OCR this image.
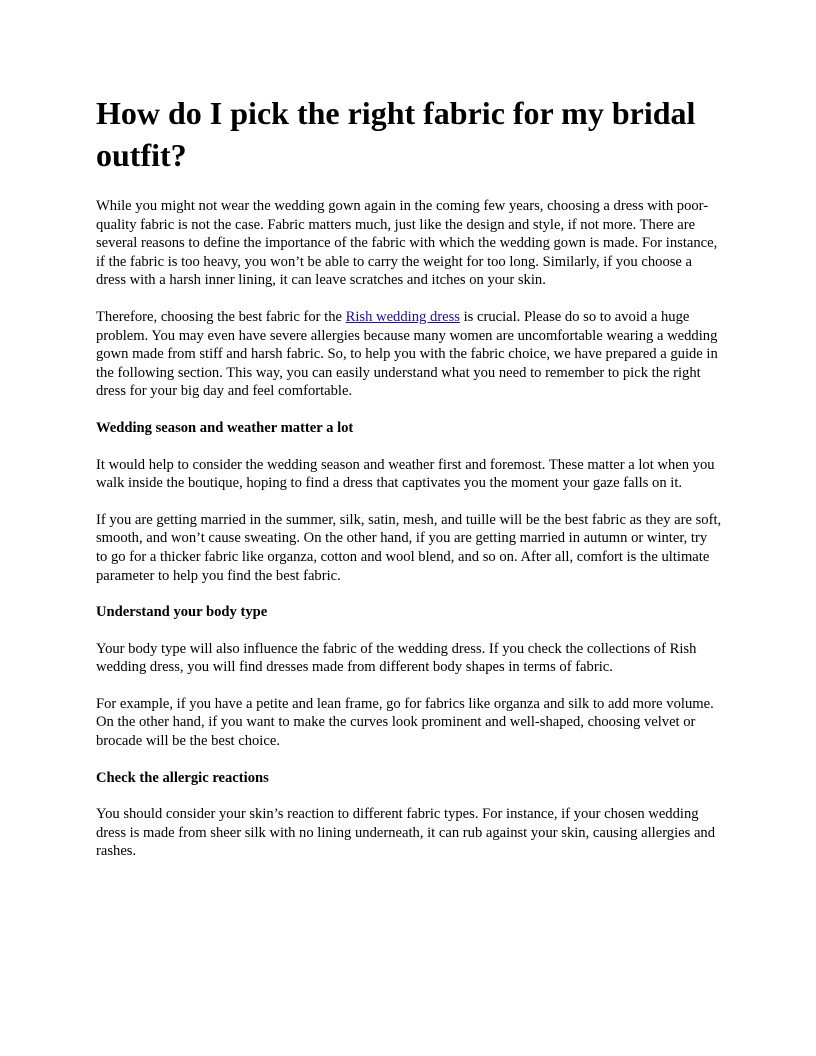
How do I pick the right fabric for my bridal outfit?

While you might not wear the wedding gown again in the coming few years, choosing a dress with poor-quality fabric is not the case. Fabric matters much, just like the design and style, if not more. There are several reasons to define the importance of the fabric with which the wedding gown is made. For instance, if the fabric is too heavy, you won’t be able to carry the weight for too long. Similarly, if you choose a dress with a harsh inner lining, it can leave scratches and itches on your skin.

Therefore, choosing the best fabric for the Rish wedding dress is crucial. Please do so to avoid a huge problem. You may even have severe allergies because many women are uncomfortable wearing a wedding gown made from stiff and harsh fabric. So, to help you with the fabric choice, we have prepared a guide in the following section. This way, you can easily understand what you need to remember to pick the right dress for your big day and feel comfortable.

Wedding season and weather matter a lot

It would help to consider the wedding season and weather first and foremost. These matter a lot when you walk inside the boutique, hoping to find a dress that captivates you the moment your gaze falls on it.

If you are getting married in the summer, silk, satin, mesh, and tuille will be the best fabric as they are soft, smooth, and won’t cause sweating. On the other hand, if you are getting married in autumn or winter, try to go for a thicker fabric like organza, cotton and wool blend, and so on. After all, comfort is the ultimate parameter to help you find the best fabric.

Understand your body type

Your body type will also influence the fabric of the wedding dress. If you check the collections of Rish wedding dress, you will find dresses made from different body shapes in terms of fabric.

For example, if you have a petite and lean frame, go for fabrics like organza and silk to add more volume. On the other hand, if you want to make the curves look prominent and well-shaped, choosing velvet or brocade will be the best choice.

Check the allergic reactions

You should consider your skin’s reaction to different fabric types. For instance, if your chosen wedding dress is made from sheer silk with no lining underneath, it can rub against your skin, causing allergies and rashes.
